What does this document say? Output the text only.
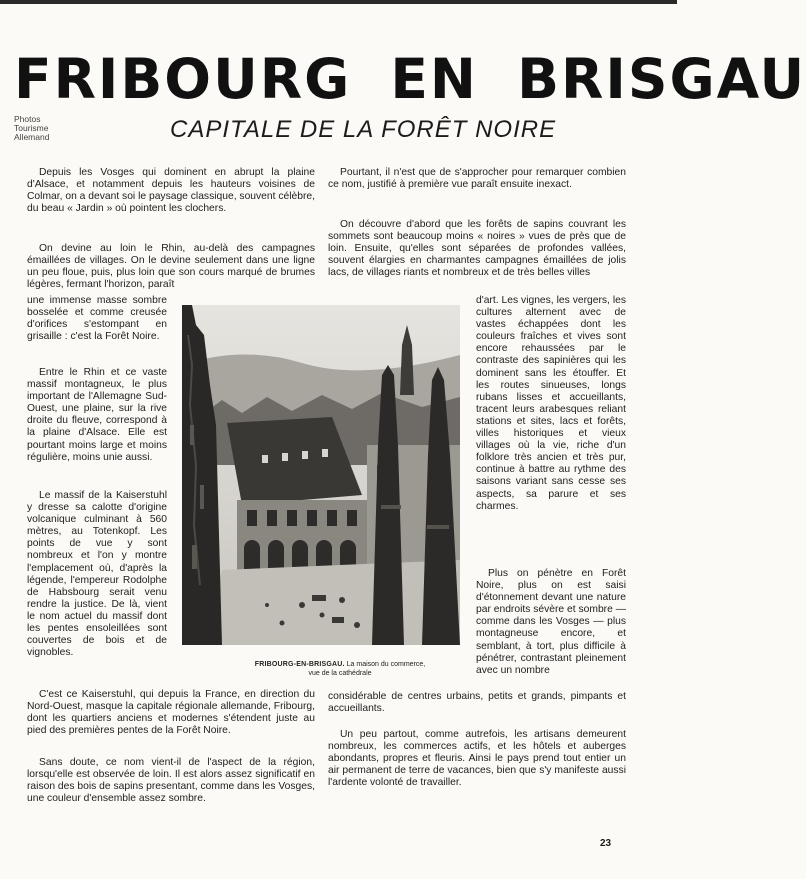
FRIBOURG EN BRISGAU
Photos
Tourisme
Allemand	CAPITALE DE LA FORÊT NOIRE

Depuis les Vosges qui dominent en abrupt la plaine d'Alsace, et notamment depuis les hauteurs voisines de Colmar, on a devant soi le paysage classique, souvent célèbre, du beau « Jardin » où pointent les clochers.

On devine au loin le Rhin, au-delà des campagnes émaillées de villages. On le devine seulement dans une ligne un peu floue, puis, plus loin que son cours marqué de brumes légères, fermant l'horizon, paraît

une immense masse sombre bosselée et comme creusée d'orifices s'estompant en grisaille : c'est la Forêt Noire.

Entre le Rhin et ce vaste massif montagneux, le plus important de l'Allemagne Sud-Ouest, une plaine, sur la rive droite du fleuve, correspond à la plaine d'Alsace. Elle est pourtant moins large et moins régulière, moins unie aussi.

Le massif de la Kaiserstuhl y dresse sa calotte d'origine volcanique culminant à 560 mètres, au Totenkopf. Les points de vue y sont nombreux et l'on y montre l'emplacement où, d'après la légende, l'empereur Rodolphe de Habsbourg serait venu rendre la justice. De là, vient le nom actuel du massif dont les pentes ensoleillées sont couvertes de bois et de vignobles.

C'est ce Kaiserstuhl, qui depuis la France, en direction du Nord-Ouest, masque la capitale régionale allemande, Fribourg, dont les quartiers anciens et modernes s'étendent juste au pied des premières pentes de la Forêt Noire.

Sans doute, ce nom vient-il de l'aspect de la région, lorsqu'elle est observée de loin. Il est alors assez significatif en raison des bois de sapins presentant, comme dans les Vosges, une couleur d'ensemble assez sombre.

Pourtant, il n'est que de s'approcher pour remarquer combien ce nom, justifié à première vue paraît ensuite inexact.

On découvre d'abord que les forêts de sapins couvrant les sommets sont beaucoup moins « noires » vues de près que de loin. Ensuite, qu'elles sont séparées de profondes vallées, souvent élargies en charmantes campagnes émaillées de jolis lacs, de villages riants et nombreux et de très belles villes

d'art. Les vignes, les vergers, les cultures alternent avec de vastes échappées dont les couleurs fraîches et vives sont encore rehaussées par le contraste des sapinières qui les dominent sans les étouffer. Et les routes sinueuses, longs rubans lisses et accueillants, tracent leurs arabesques reliant stations et sites, lacs et forêts, villes historiques et vieux villages où la vie, riche d'un folklore très ancien et très pur, continue à battre au rythme des saisons variant sans cesse ses aspects, sa parure et ses charmes.

Plus on pénètre en Forêt Noire, plus on est saisi d'étonnement devant une nature par endroits sévère et sombre — comme dans les Vosges — plus montagneuse encore, et semblant, à tort, plus difficile à pénétrer, contrastant pleinement avec un nombre

considérable de centres urbains, petits et grands, pimpants et accueillants.

Un peu partout, comme autrefois, les artisans demeurent nombreux, les commerces actifs, et les hôtels et auberges abondants, propres et fleuris. Ainsi le pays prend tout entier un air permanent de terre de vacances, bien que s'y manifeste aussi l'ardente volonté de travailler.

FRIBOURG-EN-BRISGAU. La maison du commerce,
vue de la cathédrale
23
